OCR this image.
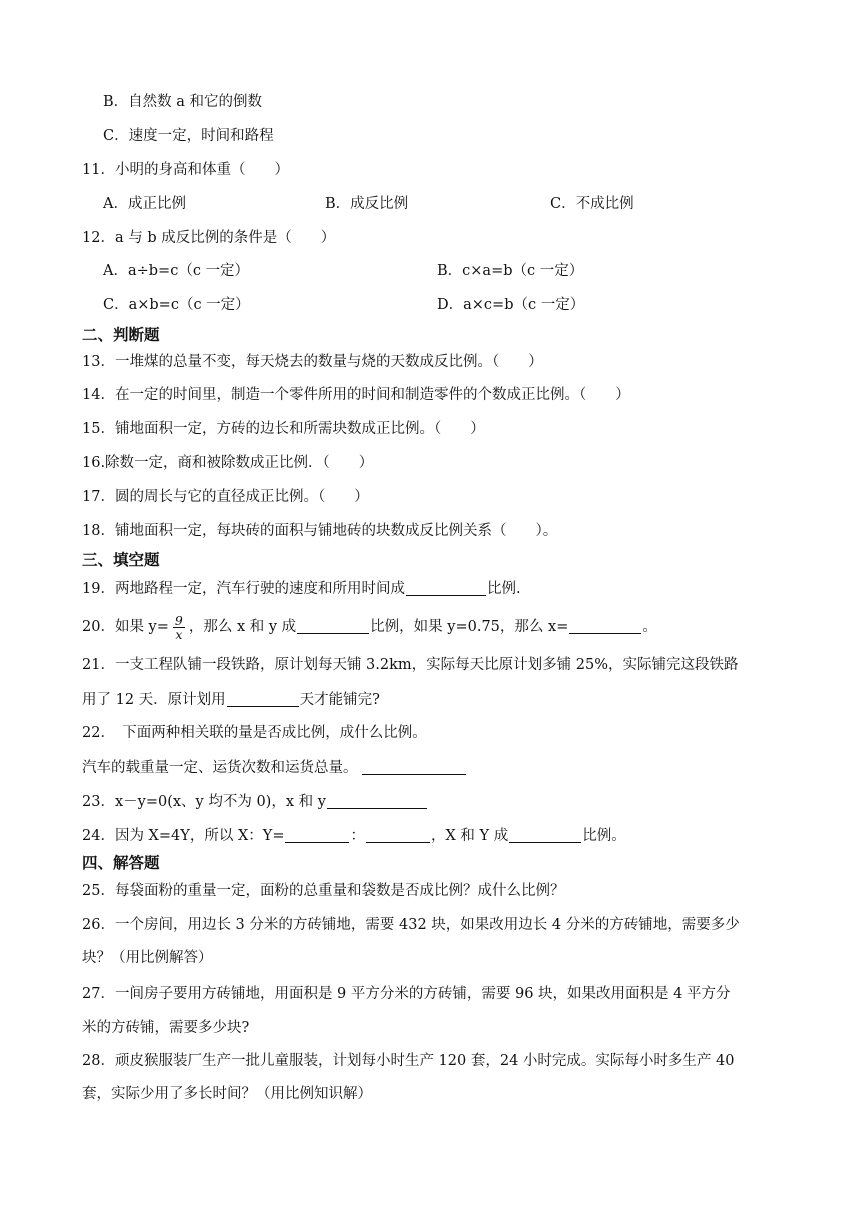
B．自然数 a 和它的倒数
C．速度一定，时间和路程
11．小明的身高和体重（　　）
A．成正比例	B．成反比例	C．不成比例
12．a 与 b 成反比例的条件是（　　）
A．a÷b=c（c 一定）	B．c×a=b（c 一定）
C．a×b=c（c 一定）	D．a×c=b（c 一定）
二、判断题
13．一堆煤的总量不变，每天烧去的数量与烧的天数成反比例。（　　）
14．在一定的时间里，制造一个零件所用的时间和制造零件的个数成正比例。（　　）
15．铺地面积一定，方砖的边长和所需块数成正比例。（　　）
16.除数一定，商和被除数成正比例．（　　）
17．圆的周长与它的直径成正比例。（　　）
18．铺地面积一定，每块砖的面积与铺地砖的块数成反比例关系（　　）。
三、填空题
19．两地路程一定，汽车行驶的速度和所用时间成	比例.
20．如果 $y= \frac{9}{x}$ ，那么 x 和 y 成	比例，如果 y=0.75，那么 x=	。
21．一支工程队铺一段铁路，原计划每天铺 3.2km，实际每天比原计划多铺 25%，实际铺完这段铁路
用了 12 天．原计划用	天才能铺完?
22．　下面两种相关联的量是否成比例，成什么比例。
汽车的载重量一定、运货次数和运货总量。
23．x－y=0(x、y 均不为 0)，x 和 y
24．因为 X=4Y，所以 X：Y=	：	，X 和 Y 成	比例。
四、解答题
25．每袋面粉的重量一定，面粉的总重量和袋数是否成比例？成什么比例？
26．一个房间，用边长 3 分米的方砖铺地，需要 432 块，如果改用边长 4 分米的方砖铺地，需要多少
块？（用比例解答）
27．一间房子要用方砖铺地，用面积是 9 平方分米的方砖铺，需要 96 块，如果改用面积是 4 平方分
米的方砖铺，需要多少块?
28．顽皮猴服装厂生产一批儿童服装，计划每小时生产 120 套，24 小时完成。实际每小时多生产 40
套，实际少用了多长时间？（用比例知识解）
